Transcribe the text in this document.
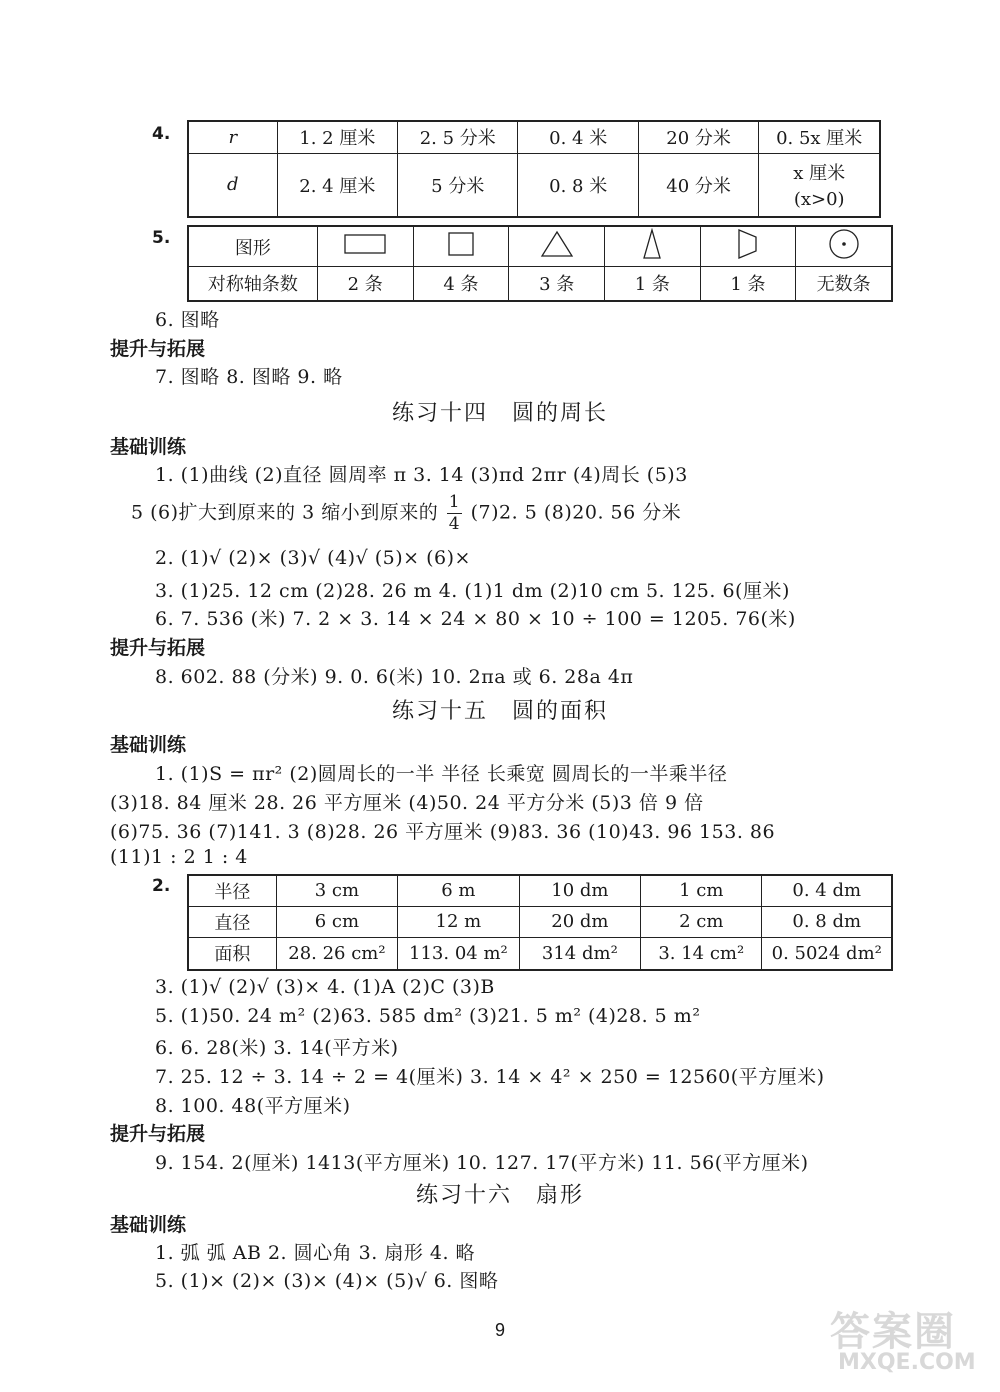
4.	r	1. 2 厘米	2. 5 分米	0. 4 米	20 分米	0. 5x 厘米
d	2. 4 厘米	5 分米	0. 8 米	40 分米	x 厘米
(x>0)
5.	图形						
对称轴条数	2 条	4 条	3 条	1 条	1 条	无数条
6. 图略
提升与拓展
7. 图略 8. 图略 9. 略
练习十四　圆的周长
基础训练
1. (1)曲线 (2)直径 圆周率 π 3. 14 (3)πd 2πr (4)周长 (5)3
5 (6)扩大到原来的 3 缩小到原来的 $\frac{1}{4} (7)2$. 5 (8)20. 56 分米
2. (1)√ (2)× (3)√ (4)√ (5)× (6)×
3. (1)25. 12 cm (2)28. 26 m 4. (1)1 dm (2)10 cm 5. 125. 6(厘米)
6. 7. 536 (米) 7. 2 × 3. 14 × 24 × 80 × 10 ÷ 100 = 1205. 76(米)
提升与拓展
8. 602. 88 (分米) 9. 0. 6(米) 10. 2πa 或 6. 28a 4π
练习十五　圆的面积
基础训练
1. (1)S = πr² (2)圆周长的一半 半径 长乘宽 圆周长的一半乘半径
(3)18. 84 厘米 28. 26 平方厘米 (4)50. 24 平方分米 (5)3 倍 9 倍
(6)75. 36 (7)141. 3 (8)28. 26 平方厘米 (9)83. 36 (10)43. 96 153. 86
(11)1 : 2 1 : 4
2. 半径	3 cm	6 m	10 dm	1 cm	0. 4 dm
直径	6 cm	12 m	20 dm	2 cm	0. 8 dm
面积	28. 26 cm²	113. 04 m²	314 dm²	3. 14 cm²	0. 5024 dm²
3. (1)√ (2)√ (3)× 4. (1)A (2)C (3)B
5. (1)50. 24 m² (2)63. 585 dm² (3)21. 5 m² (4)28. 5 m²
6. 6. 28(米) 3. 14(平方米)
7. 25. 12 ÷ 3. 14 ÷ 2 = 4(厘米) 3. 14 × 4² × 250 = 12560(平方厘米)
8. 100. 48(平方厘米)
提升与拓展
9. 154. 2(厘米) 1413(平方厘米) 10. 127. 17(平方米) 11. 56(平方厘米)
练习十六　扇形
基础训练
1. 弧 弧 AB 2. 圆心角 3. 扇形 4. 略
5. (1)× (2)× (3)× (4)× (5)√ 6. 图略
9	答案圈
MXQE.COM
